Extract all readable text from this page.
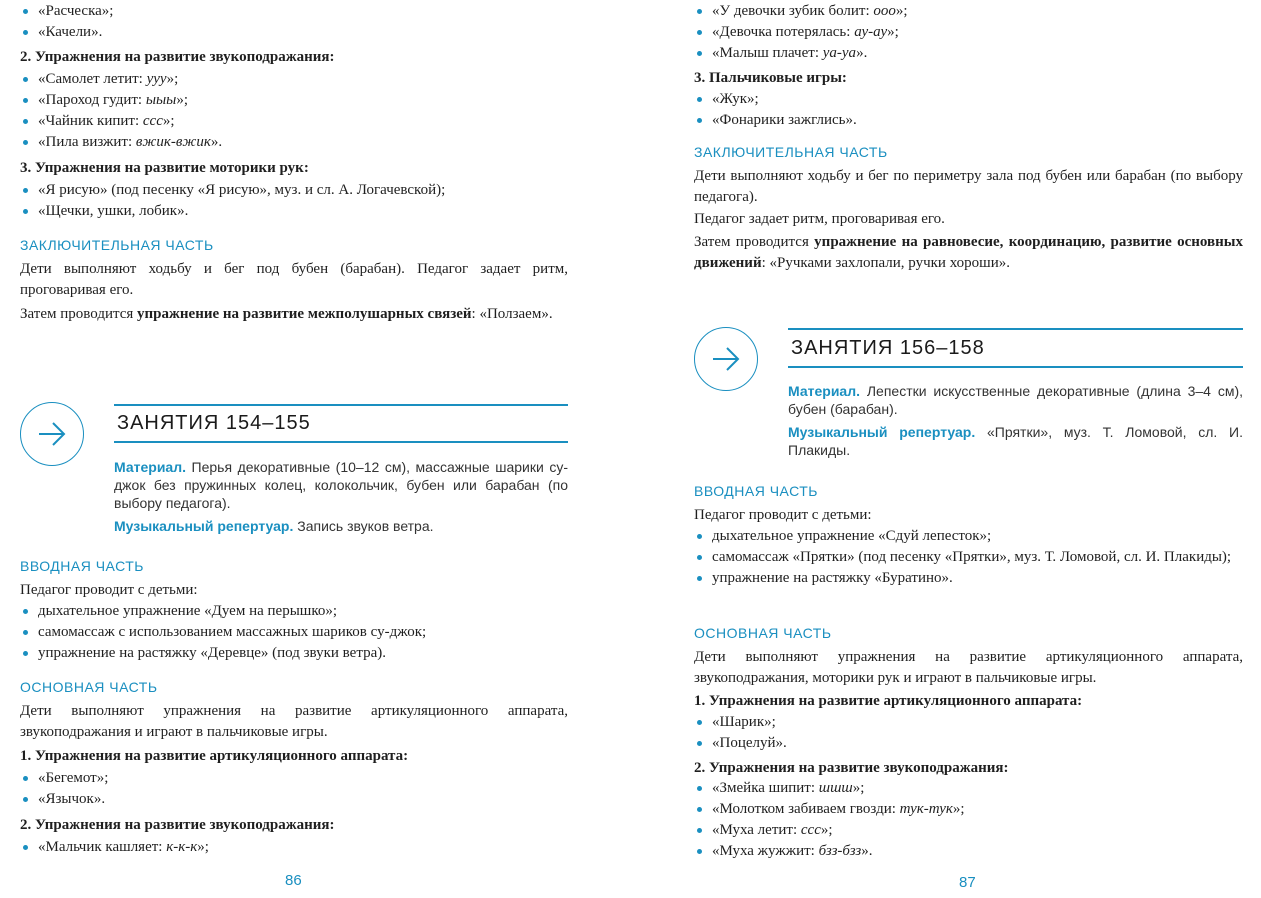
«Расческа»;
«Качели».

2. Упражнения на развитие звукоподражания:

«Самолет летит: ууу»;
«Пароход гудит: ыыы»;
«Чайник кипит: ссс»;
«Пила визжит: вжик-вжик».

3. Упражнения на развитие моторики рук:

«Я рисую» (под песенку «Я рисую», муз. и сл. А. Логачевской);
«Щечки, ушки, лобик».

ЗАКЛЮЧИТЕЛЬНАЯ ЧАСТЬ

Дети выполняют ходьбу и бег под бубен (барабан). Педагог задает ритм, проговаривая его.

Затем проводится упражнение на развитие межполушарных связей: «Ползаем».

ЗАНЯТИЯ 154–155

Материал. Перья декоративные (10–12 см), массажные шарики су-джок без пружинных колец, колокольчик, бубен или барабан (по выбору педагога).

Музыкальный репертуар. Запись звуков ветра.

ВВОДНАЯ ЧАСТЬ

Педагог проводит с детьми:

дыхательное упражнение «Дуем на перышко»;
самомассаж с использованием массажных шариков су-джок;
упражнение на растяжку «Деревце» (под звуки ветра).

ОСНОВНАЯ ЧАСТЬ

Дети выполняют упражнения на развитие артикуляционного аппарата, звукоподражания и играют в пальчиковые игры.

1. Упражнения на развитие артикуляционного аппарата:

«Бегемот»;
«Язычок».

2. Упражнения на развитие звукоподражания:

«Мальчик кашляет: к-к-к»;
86
«У девочки зубик болит: ооо»;
«Девочка потерялась: ау-ау»;
«Малыш плачет: уа-уа».

3. Пальчиковые игры:

«Жук»;
«Фонарики зажглись».

ЗАКЛЮЧИТЕЛЬНАЯ ЧАСТЬ

Дети выполняют ходьбу и бег по периметру зала под бубен или барабан (по выбору педагога).

Педагог задает ритм, проговаривая его.

Затем проводится упражнение на равновесие, координацию, развитие основных движений: «Ручками захлопали, ручки хороши».

ЗАНЯТИЯ 156–158

Материал. Лепестки искусственные декоративные (длина 3–4 см), бубен (барабан).

Музыкальный репертуар. «Прятки», муз. Т. Ломовой, сл. И. Плакиды.

ВВОДНАЯ ЧАСТЬ

Педагог проводит с детьми:

дыхательное упражнение «Сдуй лепесток»;
самомассаж «Прятки» (под песенку «Прятки», муз. Т. Ломовой, сл. И. Плакиды);
упражнение на растяжку «Буратино».

ОСНОВНАЯ ЧАСТЬ

Дети выполняют упражнения на развитие артикуляционного аппарата, звукоподражания, моторики рук и играют в пальчиковые игры.

1. Упражнения на развитие артикуляционного аппарата:

«Шарик»;
«Поцелуй».

2. Упражнения на развитие звукоподражания:

«Змейка шипит: шшш»;
«Молотком забиваем гвозди: тук-тук»;
«Муха летит: ссс»;
«Муха жужжит: бзз-бзз».
87
